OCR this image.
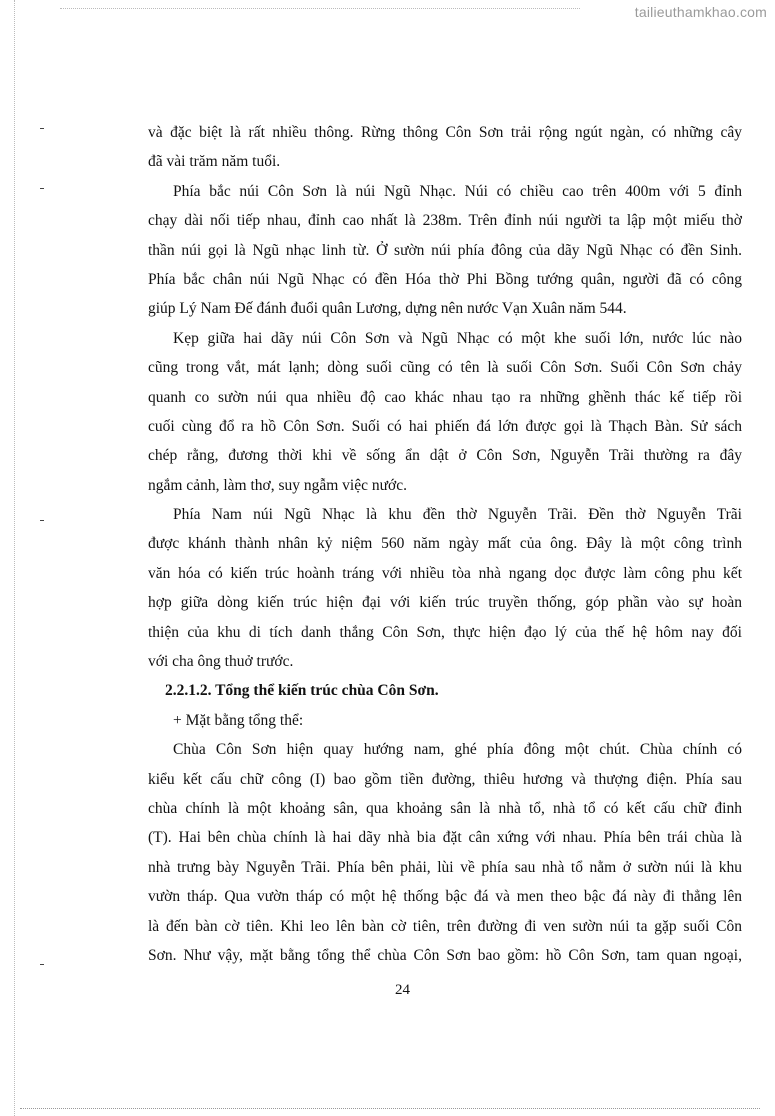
tailieuthamkhao.com
và đặc biệt là rất nhiều thông. Rừng thông Côn Sơn trải rộng ngút ngàn, có những cây
đã vài trăm năm tuổi.
Phía bắc núi Côn Sơn là núi Ngũ Nhạc. Núi có chiều cao trên 400m với 5 đỉnh
chạy dài nối tiếp nhau, đỉnh cao nhất là 238m. Trên đỉnh núi người ta lập một miếu thờ
thần núi gọi là Ngũ nhạc linh từ. Ở sườn núi phía đông của dãy Ngũ Nhạc có đền Sinh.
Phía bắc chân núi Ngũ Nhạc có đền Hóa thờ Phi Bồng tướng quân, người đã có công
giúp Lý Nam Đế đánh đuổi quân Lương, dựng nên nước Vạn Xuân năm 544.
Kẹp giữa hai dãy núi Côn Sơn và Ngũ Nhạc có một khe suối lớn, nước lúc nào
cũng trong vắt, mát lạnh; dòng suối cũng có tên là suối Côn Sơn. Suối Côn Sơn chảy
quanh co sườn núi qua nhiều độ cao khác nhau tạo ra những ghềnh thác kế tiếp rồi
cuối cùng đổ ra hồ Côn Sơn. Suối có hai phiến đá lớn được gọi là Thạch Bàn. Sử sách
chép rằng, đương thời khi về sống ẩn dật ở Côn Sơn, Nguyễn Trãi thường ra đây
ngắm cảnh, làm thơ, suy ngẫm việc nước.
Phía Nam núi Ngũ Nhạc là khu đền thờ Nguyễn Trãi. Đền thờ Nguyễn Trãi
được khánh thành nhân kỷ niệm 560 năm ngày mất của ông. Đây là một công trình
văn hóa có kiến trúc hoành tráng với nhiều tòa nhà ngang dọc được làm công phu kết
hợp giữa dòng kiến trúc hiện đại với kiến trúc truyền thống, góp phần vào sự hoàn
thiện của khu di tích danh thắng Côn Sơn, thực hiện đạo lý của thế hệ hôm nay đối
với cha ông thuở trước.
2.2.1.2. Tổng thể kiến trúc chùa Côn Sơn.
+ Mặt bằng tổng thể:
Chùa Côn Sơn hiện quay hướng nam, ghé phía đông một chút. Chùa chính có
kiểu kết cấu chữ công (I) bao gồm tiền đường, thiêu hương và thượng điện. Phía sau
chùa chính là một khoảng sân, qua khoảng sân là nhà tổ, nhà tổ có kết cấu chữ đinh
(T). Hai bên chùa chính là hai dãy nhà bia đặt cân xứng với nhau. Phía bên trái chùa là
nhà trưng bày Nguyễn Trãi. Phía bên phải, lùi về phía sau nhà tổ nằm ở sườn núi là khu
vườn tháp. Qua vườn tháp có một hệ thống bậc đá và men theo bậc đá này đi thẳng lên
là đến bàn cờ tiên. Khi leo lên bàn cờ tiên, trên đường đi ven sườn núi ta gặp suối Côn
Sơn. Như vậy, mặt bằng tổng thể chùa Côn Sơn bao gồm: hồ Côn Sơn, tam quan ngoại,
24
